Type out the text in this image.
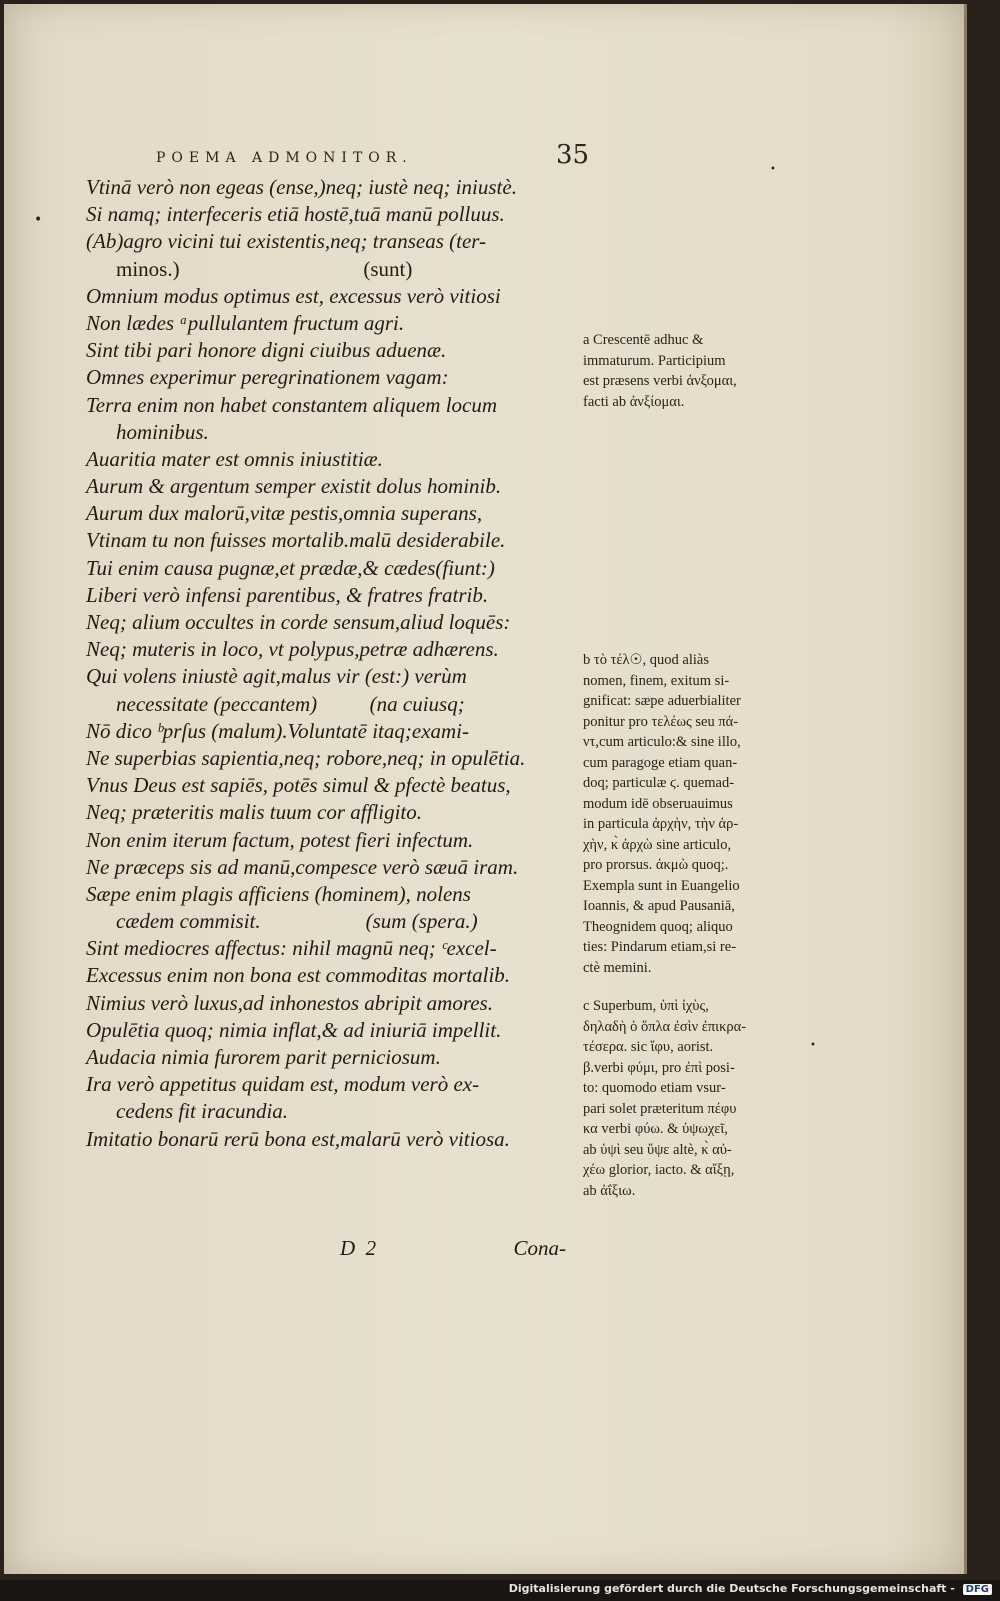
•
•
•
POEMA ADMONITOR.	35
Vtinā verò non egeas (ense,)neq; iustè neq; iniustè.
Si namq; interfeceris etiā hostē,tuā manū polluus.
(Ab)agro vicini tui existentis,neq; transeas (ter-
minos.)                                   (sunt)
Omnium modus optimus est, excessus verò vitiosi
Non lædes ᵃpullulantem fructum agri.
Sint tibi pari honore digni ciuibus aduenæ.
Omnes experimur peregrinationem vagam:
Terra enim non habet constantem aliquem locum
hominibus.
Auaritia mater est omnis iniustitiæ.
Aurum & argentum semper existit dolus hominib.
Aurum dux malorū,vitæ pestis,omnia superans,
Vtinam tu non fuisses mortalib.malū desiderabile.
Tui enim causa pugnæ,et prædæ,& cædes(fiunt:)
Liberi verò infensi parentibus, & fratres fratrib.
Neq; alium occultes in corde sensum,aliud loquēs:
Neq; muteris in loco, vt polypus,petræ adhærens.
Qui volens iniustè agit,malus vir (est:) verùm
necessitate (peccantem)          (na cuiusq;
Nō dico ᵇprſus (malum).Voluntatē itaq;exami-
Ne superbias sapientia,neq; robore,neq; in opulētia.
Vnus Deus est sapiēs, potēs simul & pfectè beatus,
Neq; præteritis malis tuum cor affligito.
Non enim iterum factum, potest fieri infectum.
Ne præceps sis ad manū,compesce verò sæuā iram.
Sæpe enim plagis afficiens (hominem), nolens
cædem commisit.                    (sum (spera.)
Sint mediocres affectus: nihil magnū neq; ᶜexcel-
Excessus enim non bona est commoditas mortalib.
Nimius verò luxus,ad inhonestos abripit amores.
Opulētia quoq; nimia inflat,& ad iniuriā impellit.
Audacia nimia furorem parit perniciosum.
Ira verò appetitus quidam est, modum verò ex-
cedens fit iracundia.
Imitatio bonarū rerū bona est,malarū verò vitiosa.
D  2	Cona-
a Crescentē adhuc &
immaturum. Participium
est præsens verbi ἀνξομαι,
facti ab ἀνξίομαι.
b τὸ τέλ☉, quod aliàs
nomen, finem, exitum si-
gnificat: sæpe aduerbialiter
ponitur pro τελέως seu πά-
ντ,cum articulo:& sine illo,
cum paragoge etiam quan-
doq; particulæ ϛ. quemad-
modum idē obseruauimus
in particula ἀρχὴν, τὴν ἀρ-
χὴν, κ̀ ἀρχὼ sine articulo,
pro prorsus. ἀκμὼ quoq;.
Exempla sunt in Euangelio
Ioannis, & apud Pausaniā,
Theognidem quoq; aliquo
ties: Pindarum etiam,si re-
ctè memini.
c Superbum, ὑπὶ ἰχὺς,
δηλαδὴ ὁ ὅπλα ἐσὶν ἐπικρα-
τέσερα. sic ἴφυ, aorist.
β.verbi φύμι, pro ἐπὶ posi-
to: quomodo etiam vsur-
pari solet præteritum πέφυ
κα verbi φύω. & ὑψωχεῖ,
ab ὑψὶ seu ὕψε altè, κ̀ αὐ-
χέω glorior, iacto. & αἴξῃ,
ab ἀΐξιω.
Digitalisierung gefördert durch die Deutsche Forschungsgemeinschaft - DFG
